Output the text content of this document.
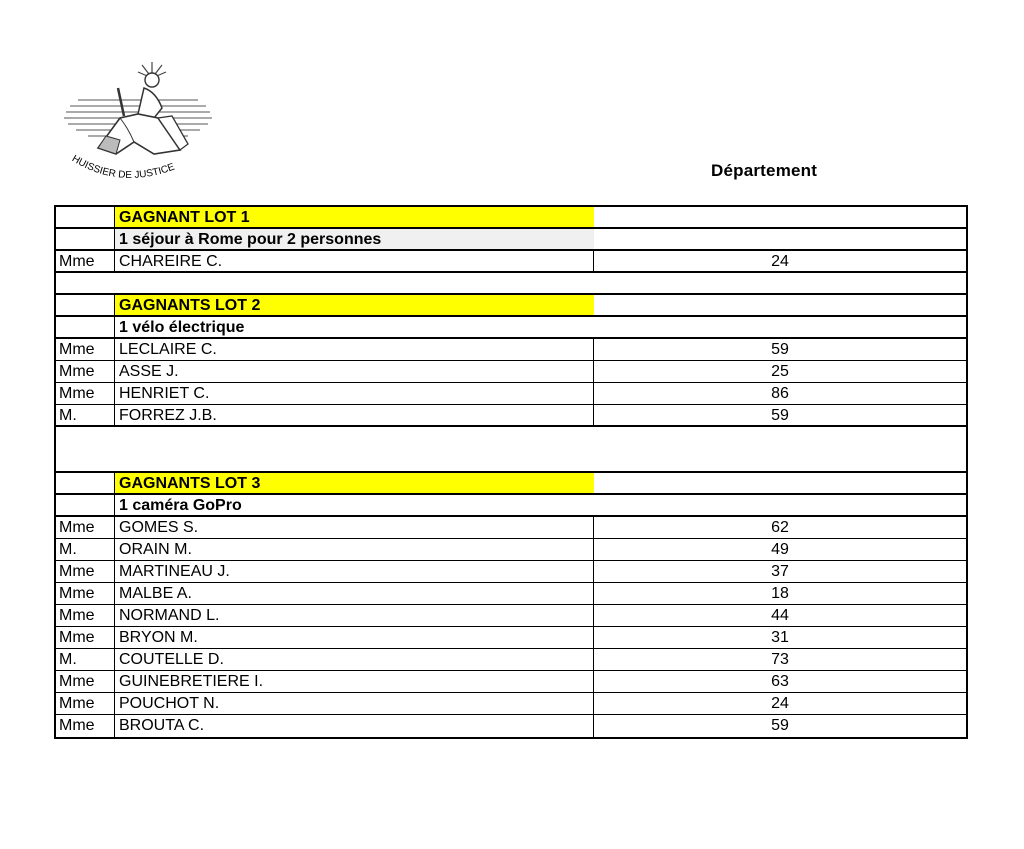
HUISSIER DE JUSTICE	Département
GAGNANT LOT 1
1 séjour à Rome pour 2 personnes
Mme	CHAREIRE C.	24
GAGNANTS LOT 2
1 vélo électrique
Mme	LECLAIRE C.	59
Mme	ASSE J.	25
Mme	HENRIET C.	86
M.	FORREZ J.B.	59
GAGNANTS LOT 3
1 caméra GoPro
Mme	GOMES S.	62
M.	ORAIN M.	49
Mme	MARTINEAU J.	37
Mme	MALBE A.	18
Mme	NORMAND L.	44
Mme	BRYON M.	31
M.	COUTELLE D.	73
Mme	GUINEBRETIERE I.	63
Mme	POUCHOT N.	24
Mme	BROUTA C.	59
